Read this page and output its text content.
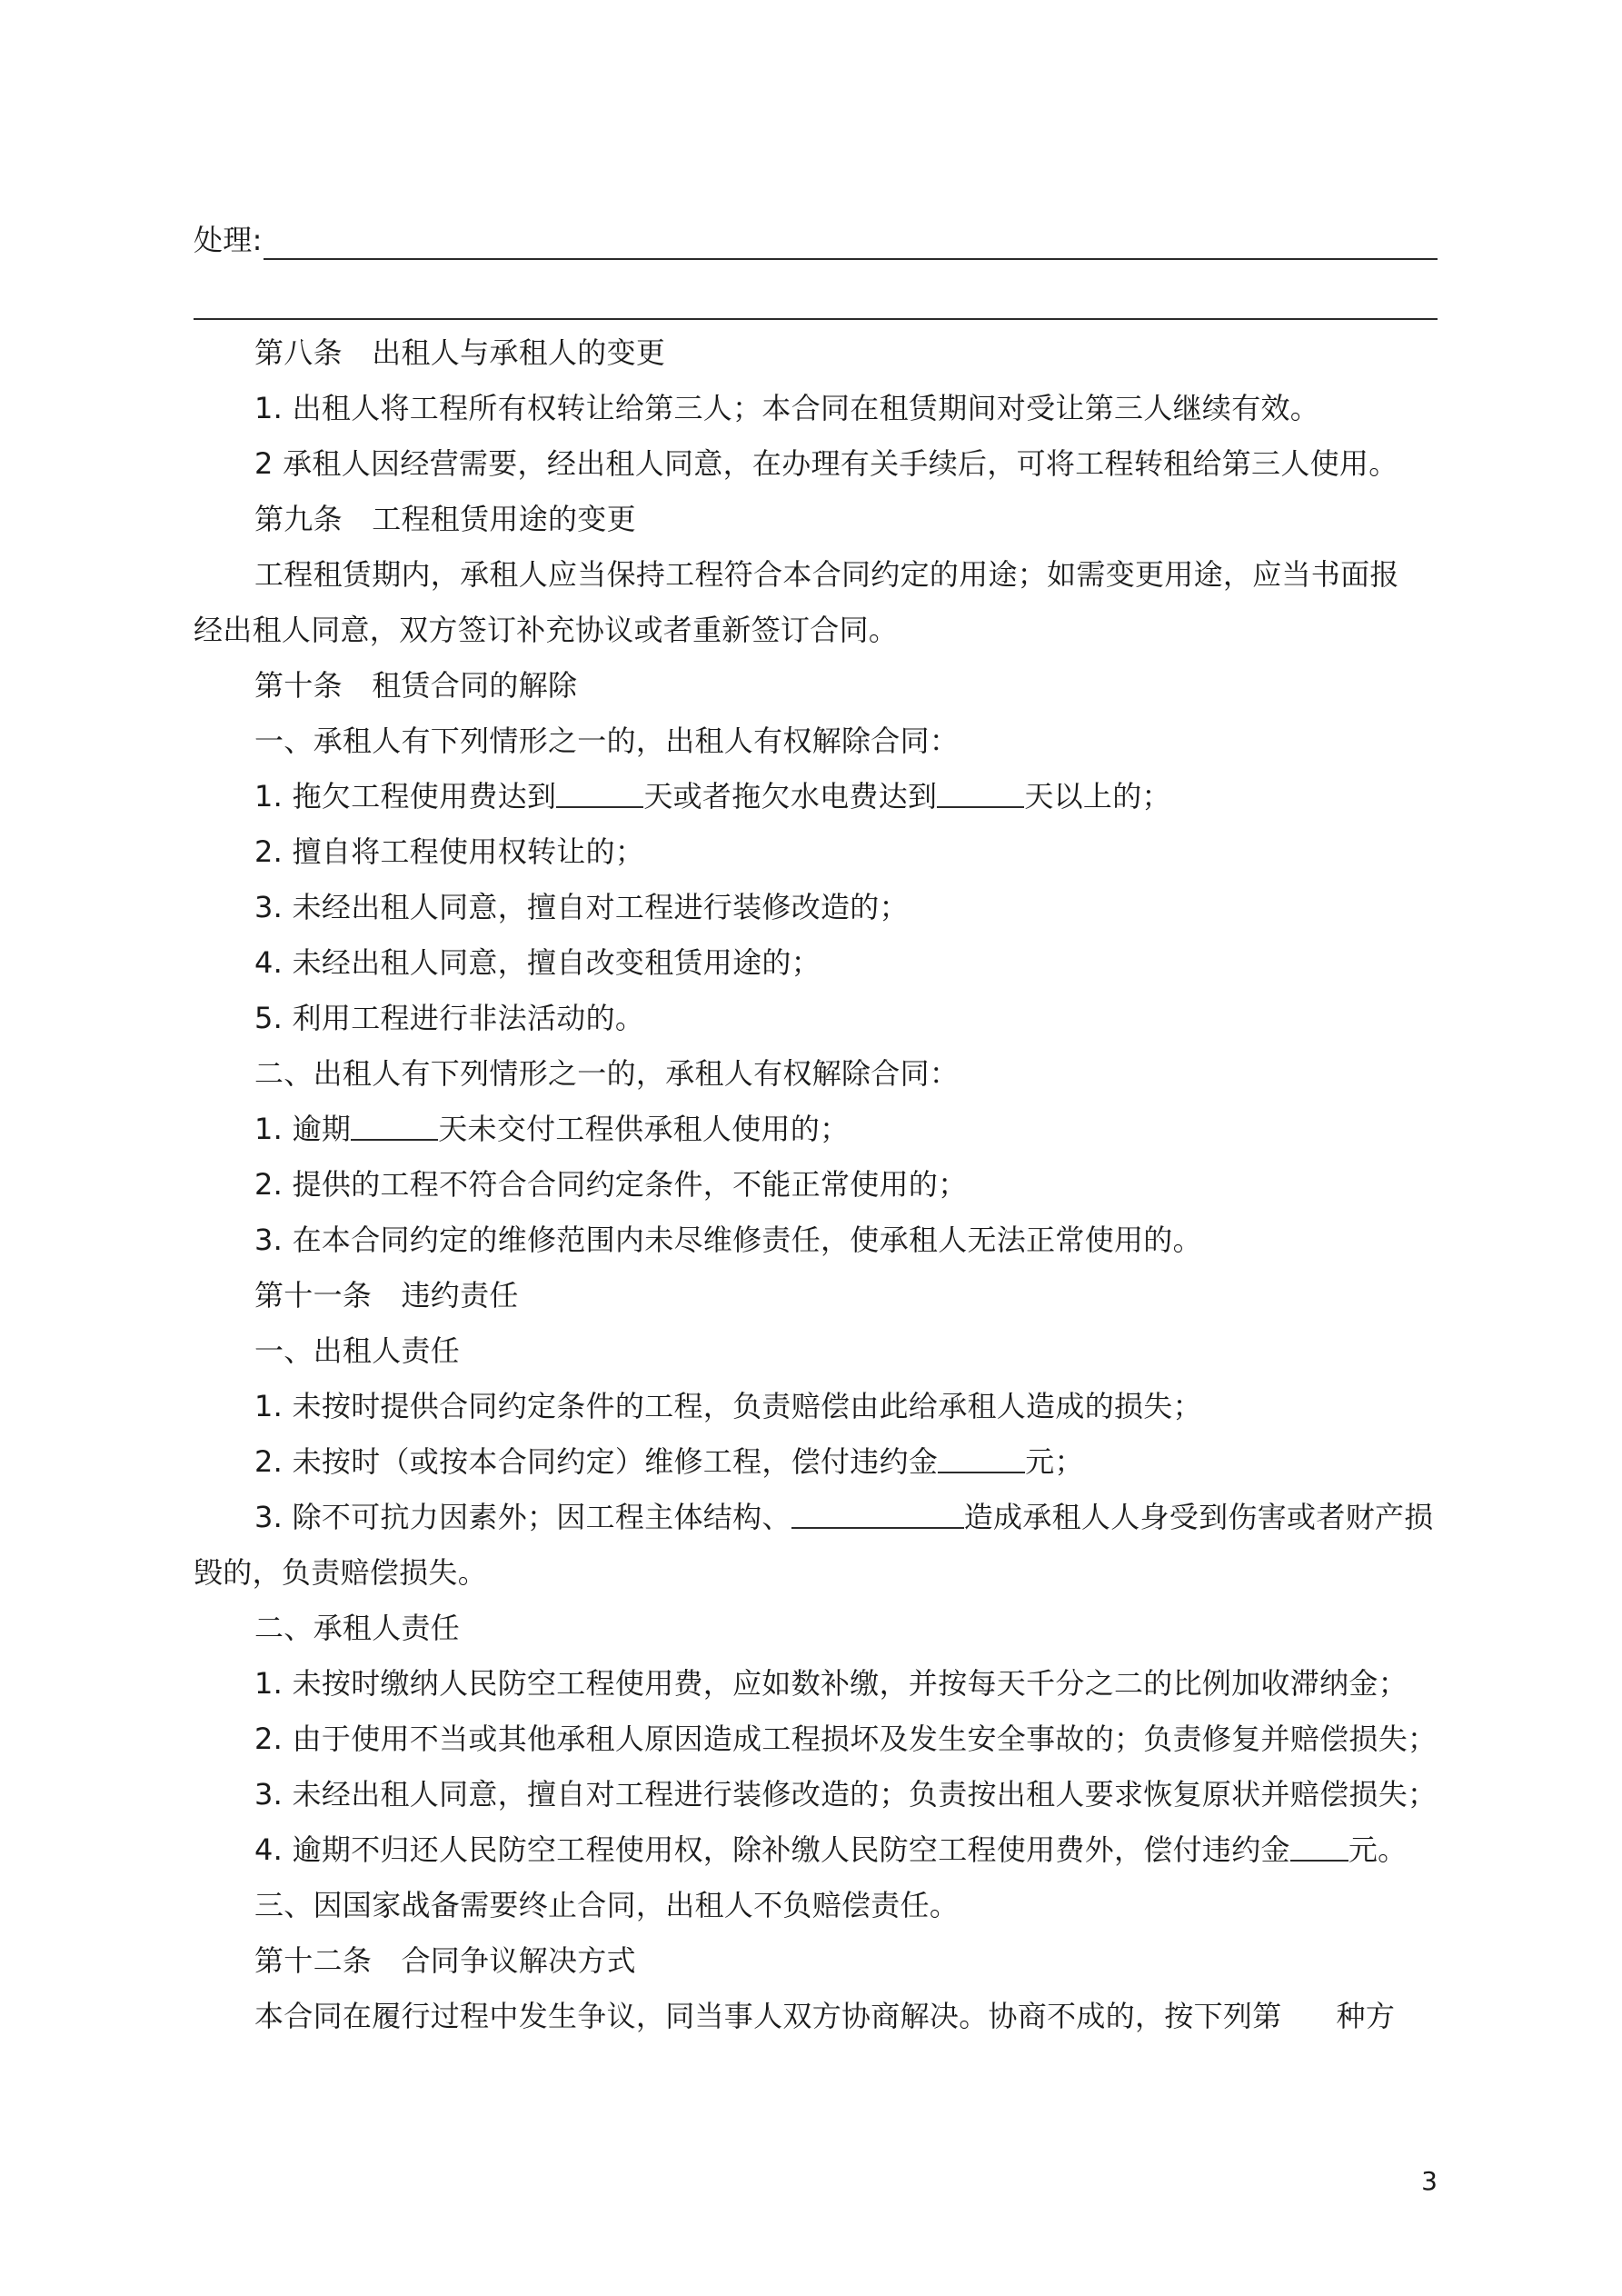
处理:
第八条　出租人与承租人的变更
1. 出租人将工程所有权转让给第三人；本合同在租赁期间对受让第三人继续有效。
2 承租人因经营需要，经出租人同意，在办理有关手续后，可将工程转租给第三人使用。
第九条　工程租赁用途的变更
工程租赁期内，承租人应当保持工程符合本合同约定的用途；如需变更用途，应当书面报
经出租人同意，双方签订补充协议或者重新签订合同。
第十条　租赁合同的解除
一、承租人有下列情形之一的，出租人有权解除合同：
1. 拖欠工程使用费达到	天或者拖欠水电费达到	天以上的；
2. 擅自将工程使用权转让的；
3. 未经出租人同意，擅自对工程进行装修改造的；
4. 未经出租人同意，擅自改变租赁用途的；
5. 利用工程进行非法活动的。
二、出租人有下列情形之一的，承租人有权解除合同：
1. 逾期	天未交付工程供承租人使用的；
2. 提供的工程不符合合同约定条件，不能正常使用的；
3. 在本合同约定的维修范围内未尽维修责任，使承租人无法正常使用的。
第十一条　违约责任
一、出租人责任
1. 未按时提供合同约定条件的工程，负责赔偿由此给承租人造成的损失；
2. 未按时（或按本合同约定）维修工程，偿付违约金	元；
3. 除不可抗力因素外；因工程主体结构、	造成承租人人身受到伤害或者财产损
毁的，负责赔偿损失。
二、承租人责任
1. 未按时缴纳人民防空工程使用费，应如数补缴，并按每天千分之二的比例加收滞纳金；
2. 由于使用不当或其他承租人原因造成工程损坏及发生安全事故的；负责修复并赔偿损失；
3. 未经出租人同意，擅自对工程进行装修改造的；负责按出租人要求恢复原状并赔偿损失；
4. 逾期不归还人民防空工程使用权，除补缴人民防空工程使用费外，偿付违约金 元。
三、因国家战备需要终止合同，出租人不负赔偿责任。
第十二条　合同争议解决方式
本合同在履行过程中发生争议，同当事人双方协商解决。协商不成的，按下列第 种方
3
